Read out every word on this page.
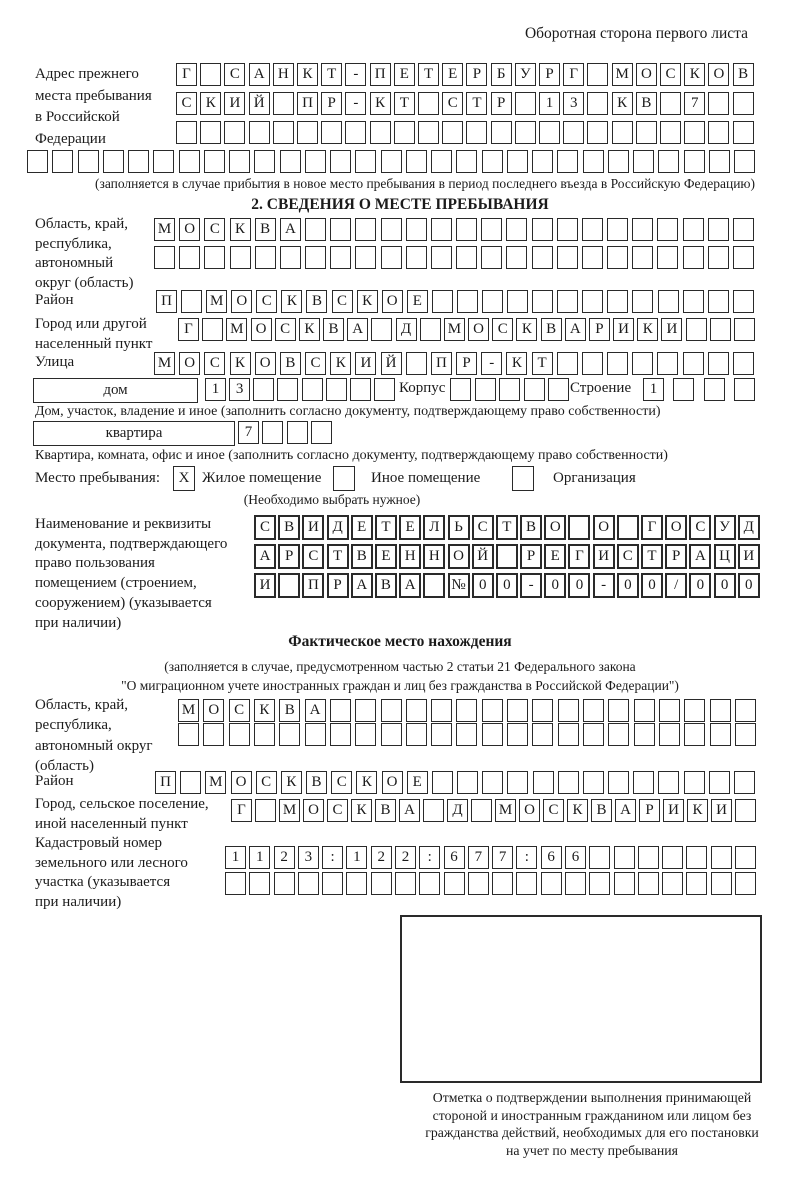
Оборотная сторона первого листа
Адрес прежнего
места пребывания
в Российской
Федерации
Г	С А Н К Т	-	П Е	Т	Е	Р	Б У Р	Г	М О С К О В
С К И Й	П Р	-	К Т	С Т	Р	1	3	К В	7
(заполняется в случае прибытия в новое место пребывания в период последнего въезда в Российскую Федерацию)
2. СВЕДЕНИЯ О МЕСТЕ ПРЕБЫВАНИЯ
Область, край,
республика,
автономный
округ (область)
М О С	К	В А
Район	П	М О С	К	В	С	К О	Е
Город или другой
населенный пункт
Г	М О С К В А	Д	М О С К В А Р И К И
Улица	М О С	К О В	С	К И Й	П	Р	-	К	Т
дом	1	3	Корпус	Строение	1
Дом, участок, владение и иное (заполнить согласно документу, подтверждающему право собственности)
квартира	7
Квартира, комната, офис и иное (заполнить согласно документу, подтверждающему право собственности)
Место пребывания:	X Жилое помещение	Иное помещение	Организация
(Необходимо выбрать нужное)
Наименование и реквизиты
документа, подтверждающего
право пользования
помещением (строением,
сооружением) (указывается
при наличии)
С В И Д Е	Т	Е Л Ь С Т В О	О	Г О С У Д
А Р	С Т В Е Н Н О Й	Р	Е	Г И С Т	Р А Ц И
И	П Р А В А	№ 0	0	-	0	0	-	0	0	/	0	0	0
Фактическое место нахождения
(заполняется в случае, предусмотренном частью 2 статьи 21 Федерального закона
"О миграционном учете иностранных граждан и лиц без гражданства в Российской Федерации")
Область, край,
республика,
автономный округ
(область)
М О С	К	В А
Район	П	М О С	К	В	С	К О	Е
Город, сельское поселение,
иной населенный пункт
Г	М О С К В А	Д	М О С К В А Р И К И
Кадастровый номер
земельного или лесного
участка (указывается
при наличии)
1	1	2	3	:	1	2	2	:	6	7	7	:	6	6
Отметка о подтверждении выполнения принимающей
стороной и иностранным гражданином или лицом без
гражданства действий, необходимых для его постановки
на учет по месту пребывания
